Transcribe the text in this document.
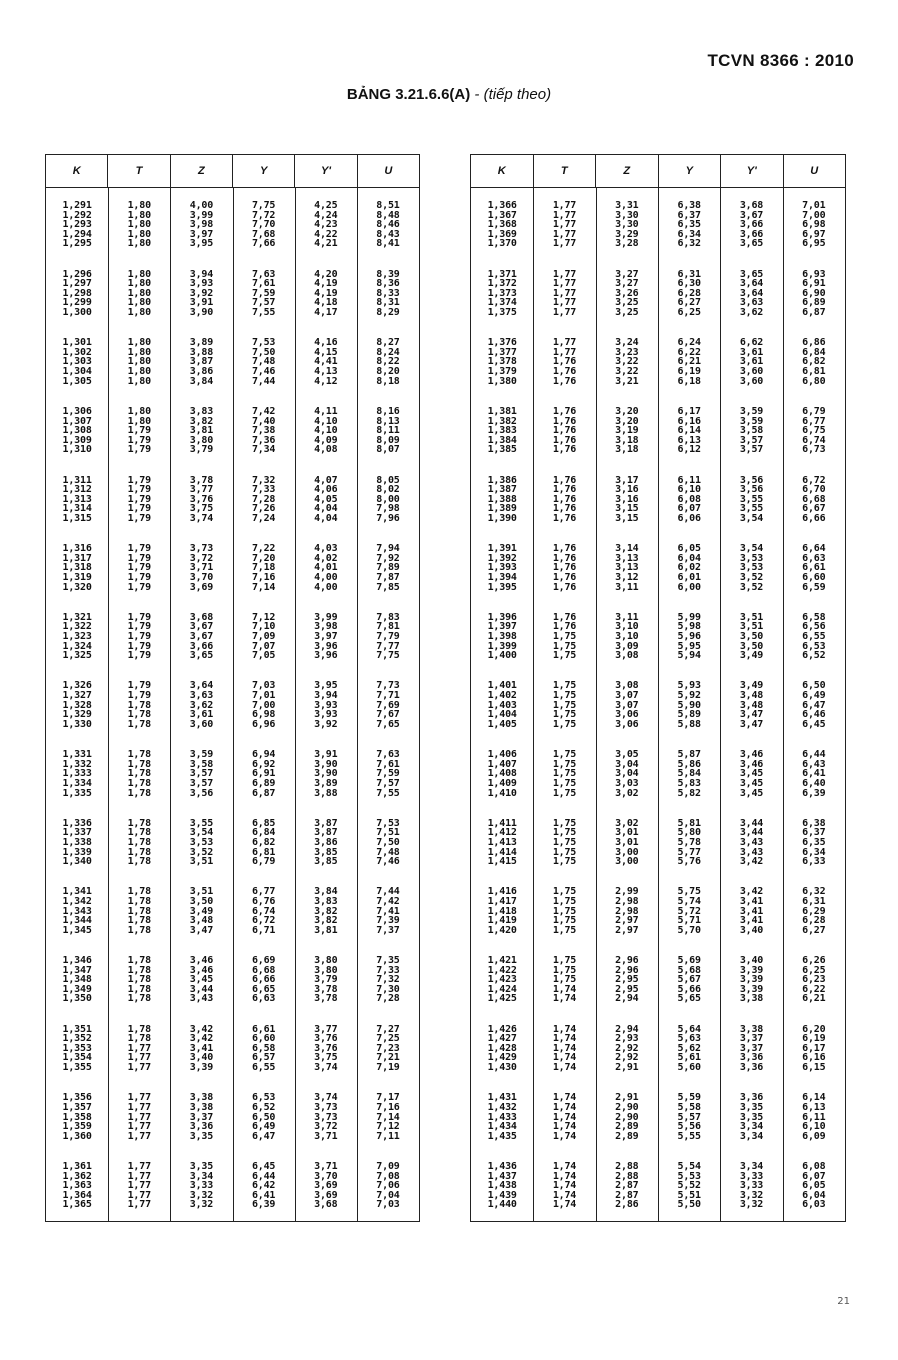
TCVN 8366 : 2010
BẢNG 3.21.6.6(A) - (tiếp theo)
K	T	Z	Y	Y'	U
1,291	1,80	4,00	7,75	4,25	8,51
1,292	1,80	3,99	7,72	4,24	8,48
1,293	1,80	3,98	7,70	4,23	8,46
1,294	1,80	3,97	7,68	4,22	8,43
1,295	1,80	3,95	7,66	4,21	8,41
1,296	1,80	3,94	7,63	4,20	8,39
1,297	1,80	3,93	7,61	4,19	8,36
1,298	1,80	3,92	7,59	4,19	8,33
1,299	1,80	3,91	7,57	4,18	8,31
1,300	1,80	3,90	7,55	4,17	8,29
1,301	1,80	3,89	7,53	4,16	8,27
1,302	1,80	3,88	7,50	4,15	8,24
1,303	1,80	3,87	7,48	4,41	8,22
1,304	1,80	3,86	7,46	4,13	8,20
1,305	1,80	3,84	7,44	4,12	8,18
1,306	1,80	3,83	7,42	4,11	8,16
1,307	1,80	3,82	7,40	4,10	8,13
1,308	1,79	3,81	7,38	4,10	8,11
1,309	1,79	3,80	7,36	4,09	8,09
1,310	1,79	3,79	7,34	4,08	8,07
1,311	1,79	3,78	7,32	4,07	8,05
1,312	1,79	3,77	7,33	4,06	8,02
1,313	1,79	3,76	7,28	4,05	8,00
1,314	1,79	3,75	7,26	4,04	7,98
1,315	1,79	3,74	7,24	4,04	7,96
1,316	1,79	3,73	7,22	4,03	7,94
1,317	1,79	3,72	7,20	4,02	7,92
1,318	1,79	3,71	7,18	4,01	7,89
1,319	1,79	3,70	7,16	4,00	7,87
1,320	1,79	3,69	7,14	4,00	7,85
1,321	1,79	3,68	7,12	3,99	7,83
1,322	1,79	3,67	7,10	3,98	7,81
1,323	1,79	3,67	7,09	3,97	7,79
1,324	1,79	3,66	7,07	3,96	7,77
1,325	1,79	3,65	7,05	3,96	7,75
1,326	1,79	3,64	7,03	3,95	7,73
1,327	1,79	3,63	7,01	3,94	7,71
1,328	1,78	3,62	7,00	3,93	7,69
1,329	1,78	3,61	6,98	3,93	7,67
1,330	1,78	3,60	6,96	3,92	7,65
1,331	1,78	3,59	6,94	3,91	7,63
1,332	1,78	3,58	6,92	3,90	7,61
1,333	1,78	3,57	6,91	3,90	7,59
1,334	1,78	3,57	6,89	3,89	7,57
1,335	1,78	3,56	6,87	3,88	7,55
1,336	1,78	3,55	6,85	3,87	7,53
1,337	1,78	3,54	6,84	3,87	7,51
1,338	1,78	3,53	6,82	3,86	7,50
1,339	1,78	3,52	6,81	3,85	7,48
1,340	1,78	3,51	6,79	3,85	7,46
1,341	1,78	3,51	6,77	3,84	7,44
1,342	1,78	3,50	6,76	3,83	7,42
1,343	1,78	3,49	6,74	3,82	7,41
1,344	1,78	3,48	6,72	3,82	7,39
1,345	1,78	3,47	6,71	3,81	7,37
1,346	1,78	3,46	6,69	3,80	7,35
1,347	1,78	3,46	6,68	3,80	7,33
1,348	1,78	3,45	6,66	3,79	7,32
1,349	1,78	3,44	6,65	3,78	7,30
1,350	1,78	3,43	6,63	3,78	7,28
1,351	1,78	3,42	6,61	3,77	7,27
1,352	1,78	3,42	6,60	3,76	7,25
1,353	1,77	3,41	6,58	3,76	7,23
1,354	1,77	3,40	6,57	3,75	7,21
1,355	1,77	3,39	6,55	3,74	7,19
1,356	1,77	3,38	6,53	3,74	7,17
1,357	1,77	3,38	6,52	3,73	7,16
1,358	1,77	3,37	6,50	3,73	7,14
1,359	1,77	3,36	6,49	3,72	7,12
1,360	1,77	3,35	6,47	3,71	7,11
1,361	1,77	3,35	6,45	3,71	7,09
1,362	1,77	3,34	6,44	3,70	7,08
1,363	1,77	3,33	6,42	3,69	7,06
1,364	1,77	3,32	6,41	3,69	7,04
1,365	1,77	3,32	6,39	3,68	7,03
K	T	Z	Y	Y'	U
1,366	1,77	3,31	6,38	3,68	7,01
1,367	1,77	3,30	6,37	3,67	7,00
1,368	1,77	3,30	6,35	3,66	6,98
1,369	1,77	3,29	6,34	3,66	6,97
1,370	1,77	3,28	6,32	3,65	6,95
1,371	1,77	3,27	6,31	3,65	6,93
1,372	1,77	3,27	6,30	3,64	6,91
1,373	1,77	3,26	6,28	3,64	6,90
1,374	1,77	3,25	6,27	3,63	6,89
1,375	1,77	3,25	6,25	3,62	6,87
1,376	1,77	3,24	6,24	6,62	6,86
1,377	1,77	3,23	6,22	3,61	6,84
1,378	1,76	3,22	6,21	3,61	6,82
1,379	1,76	3,22	6,19	3,60	6,81
1,380	1,76	3,21	6,18	3,60	6,80
1,381	1,76	3,20	6,17	3,59	6,79
1,382	1,76	3,20	6,16	3,59	6,77
1,383	1,76	3,19	6,14	3,58	6,75
1,384	1,76	3,18	6,13	3,57	6,74
1,385	1,76	3,18	6,12	3,57	6,73
1,386	1,76	3,17	6,11	3,56	6,72
1,387	1,76	3,16	6,10	3,56	6,70
1,388	1,76	3,16	6,08	3,55	6,68
1,389	1,76	3,15	6,07	3,55	6,67
1,390	1,76	3,15	6,06	3,54	6,66
1,391	1,76	3,14	6,05	3,54	6,64
1,392	1,76	3,13	6,04	3,53	6,63
1,393	1,76	3,13	6,02	3,53	6,61
1,394	1,76	3,12	6,01	3,52	6,60
1,395	1,76	3,11	6,00	3,52	6,59
1,396	1,76	3,11	5,99	3,51	6,58
1,397	1,76	3,10	5,98	3,51	6,56
1,398	1,75	3,10	5,96	3,50	6,55
1,399	1,75	3,09	5,95	3,50	6,53
1,400	1,75	3,08	5,94	3,49	6,52
1,401	1,75	3,08	5,93	3,49	6,50
1,402	1,75	3,07	5,92	3,48	6,49
1,403	1,75	3,07	5,90	3,48	6,47
1,404	1,75	3,06	5,89	3,47	6,46
1,405	1,75	3,06	5,88	3,47	6,45
1,406	1,75	3,05	5,87	3,46	6,44
1,407	1,75	3,04	5,86	3,46	6,43
1,408	1,75	3,04	5,84	3,45	6,41
1,409	1,75	3,03	5,83	3,45	6,40
1,410	1,75	3,02	5,82	3,45	6,39
1,411	1,75	3,02	5,81	3,44	6,38
1,412	1,75	3,01	5,80	3,44	6,37
1,413	1,75	3,01	5,78	3,43	6,35
1,414	1,75	3,00	5,77	3,43	6,34
1,415	1,75	3,00	5,76	3,42	6,33
1,416	1,75	2,99	5,75	3,42	6,32
1,417	1,75	2,98	5,74	3,41	6,31
1,418	1,75	2,98	5,72	3,41	6,29
1,419	1,75	2,97	5,71	3,41	6,28
1,420	1,75	2,97	5,70	3,40	6,27
1,421	1,75	2,96	5,69	3,40	6,26
1,422	1,75	2,96	5,68	3,39	6,25
1,423	1,75	2,95	5,67	3,39	6,23
1,424	1,74	2,95	5,66	3,39	6,22
1,425	1,74	2,94	5,65	3,38	6,21
1,426	1,74	2,94	5,64	3,38	6,20
1,427	1,74	2,93	5,63	3,37	6,19
1,428	1,74	2,92	5,62	3,37	6,17
1,429	1,74	2,92	5,61	3,36	6,16
1,430	1,74	2,91	5,60	3,36	6,15
1,431	1,74	2,91	5,59	3,36	6,14
1,432	1,74	2,90	5,58	3,35	6,13
1,433	1,74	2,90	5,57	3,35	6,11
1,434	1,74	2,89	5,56	3,34	6,10
1,435	1,74	2,89	5,55	3,34	6,09
1,436	1,74	2,88	5,54	3,34	6,08
1,437	1,74	2,88	5,53	3,33	6,07
1,438	1,74	2,87	5,52	3,33	6,05
1,439	1,74	2,87	5,51	3,32	6,04
1,440	1,74	2,86	5,50	3,32	6,03
21
